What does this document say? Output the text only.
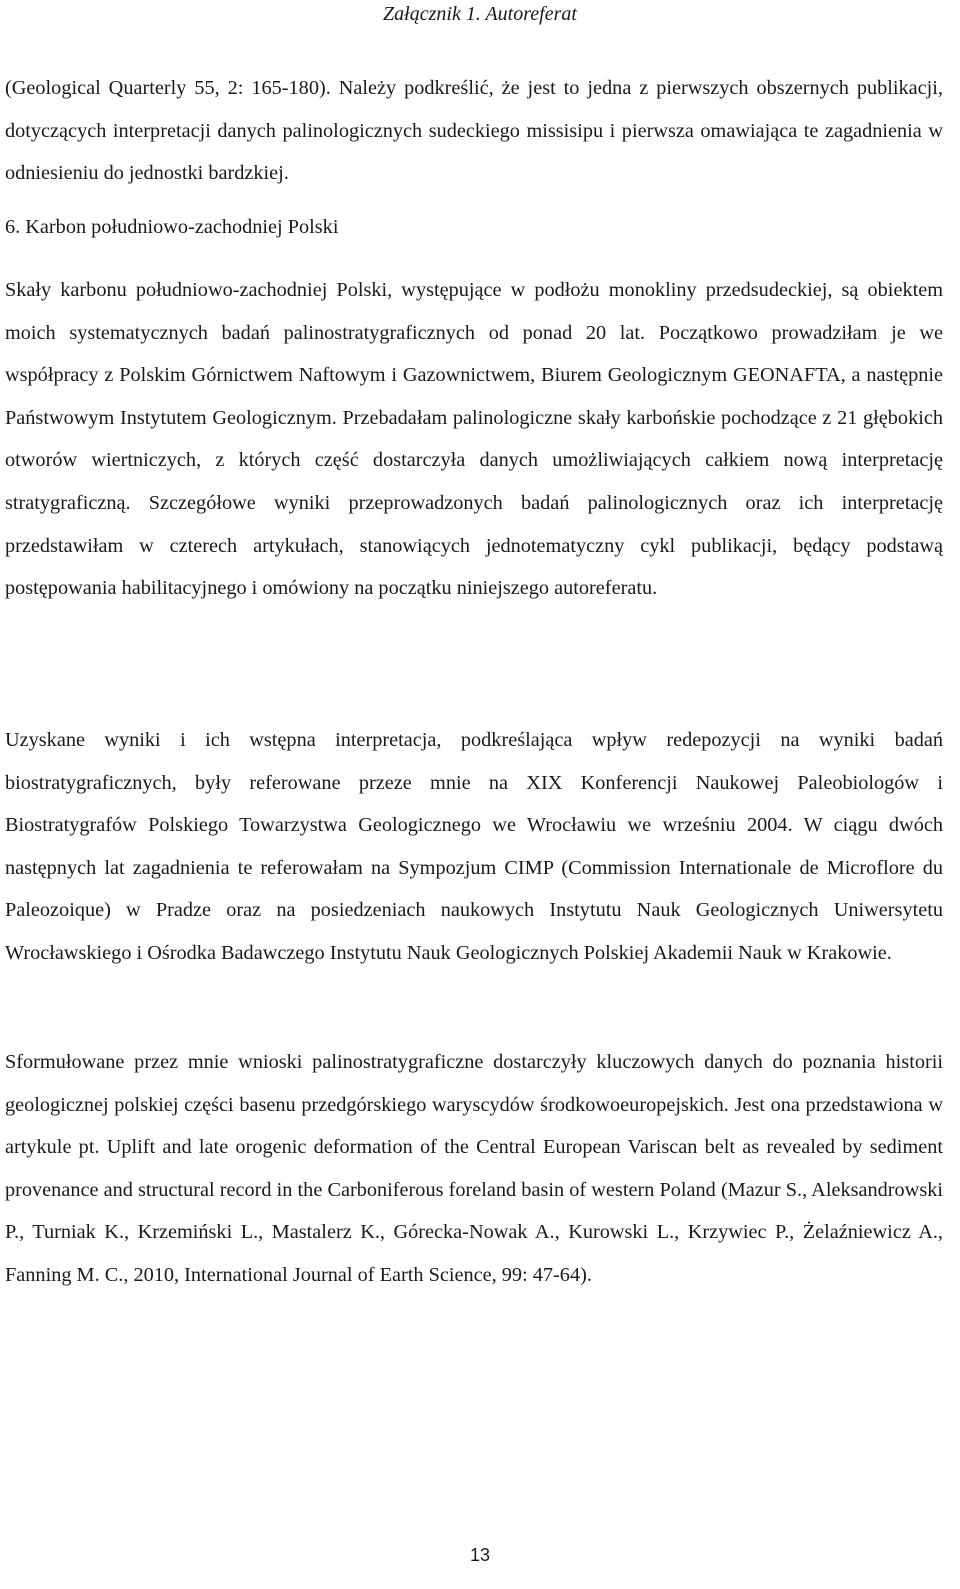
Załącznik 1. Autoreferat

(Geological Quarterly 55, 2: 165-180). Należy podkreślić, że jest to jedna z pierwszych obszernych publikacji, dotyczących interpretacji danych palinologicznych sudeckiego missisipu i pierwsza omawiająca te zagadnienia w odniesieniu do jednostki bardzkiej.

6. Karbon południowo-zachodniej Polski

Skały karbonu południowo-zachodniej Polski, występujące w podłożu monokliny przedsudeckiej, są obiektem moich systematycznych badań palinostratygraficznych od ponad 20 lat. Początkowo prowadziłam je we współpracy z Polskim Górnictwem Naftowym i Gazownictwem, Biurem Geologicznym GEONAFTA, a następnie Państwowym Instytutem Geologicznym. Przebadałam palinologiczne skały karbońskie pochodzące z 21 głębokich otworów wiertniczych, z których część dostarczyła danych umożliwiających całkiem nową interpretację stratygraficzną. Szczegółowe wyniki przeprowadzonych badań palinologicznych oraz ich interpretację przedstawiłam w czterech artykułach, stanowiących jednotematyczny cykl publikacji, będący podstawą postępowania habilitacyjnego i omówiony na początku niniejszego autoreferatu.

Uzyskane wyniki i ich wstępna interpretacja, podkreślająca wpływ redepozycji na wyniki badań biostratygraficznych, były referowane przeze mnie na XIX Konferencji Naukowej Paleobiologów i Biostratygrafów Polskiego Towarzystwa Geologicznego we Wrocławiu we wrześniu 2004. W ciągu dwóch następnych lat zagadnienia te referowałam na Sympozjum CIMP (Commission Internationale de Microflore du Paleozoique) w Pradze oraz na posiedzeniach naukowych Instytutu Nauk Geologicznych Uniwersytetu Wrocławskiego i Ośrodka Badawczego Instytutu Nauk Geologicznych Polskiej Akademii Nauk w Krakowie.

Sformułowane przez mnie wnioski palinostratygraficzne dostarczyły kluczowych danych do poznania historii geologicznej polskiej części basenu przedgórskiego waryscydów środkowoeuropejskich. Jest ona przedstawiona w artykule pt. Uplift and late orogenic deformation of the Central European Variscan belt as revealed by sediment provenance and structural record in the Carboniferous foreland basin of western Poland (Mazur S., Aleksandrowski P., Turniak K., Krzemiński L., Mastalerz K., Górecka-Nowak A., Kurowski L., Krzywiec P., Żelaźniewicz A., Fanning M. C., 2010, International Journal of Earth Science, 99: 47-64).

13
